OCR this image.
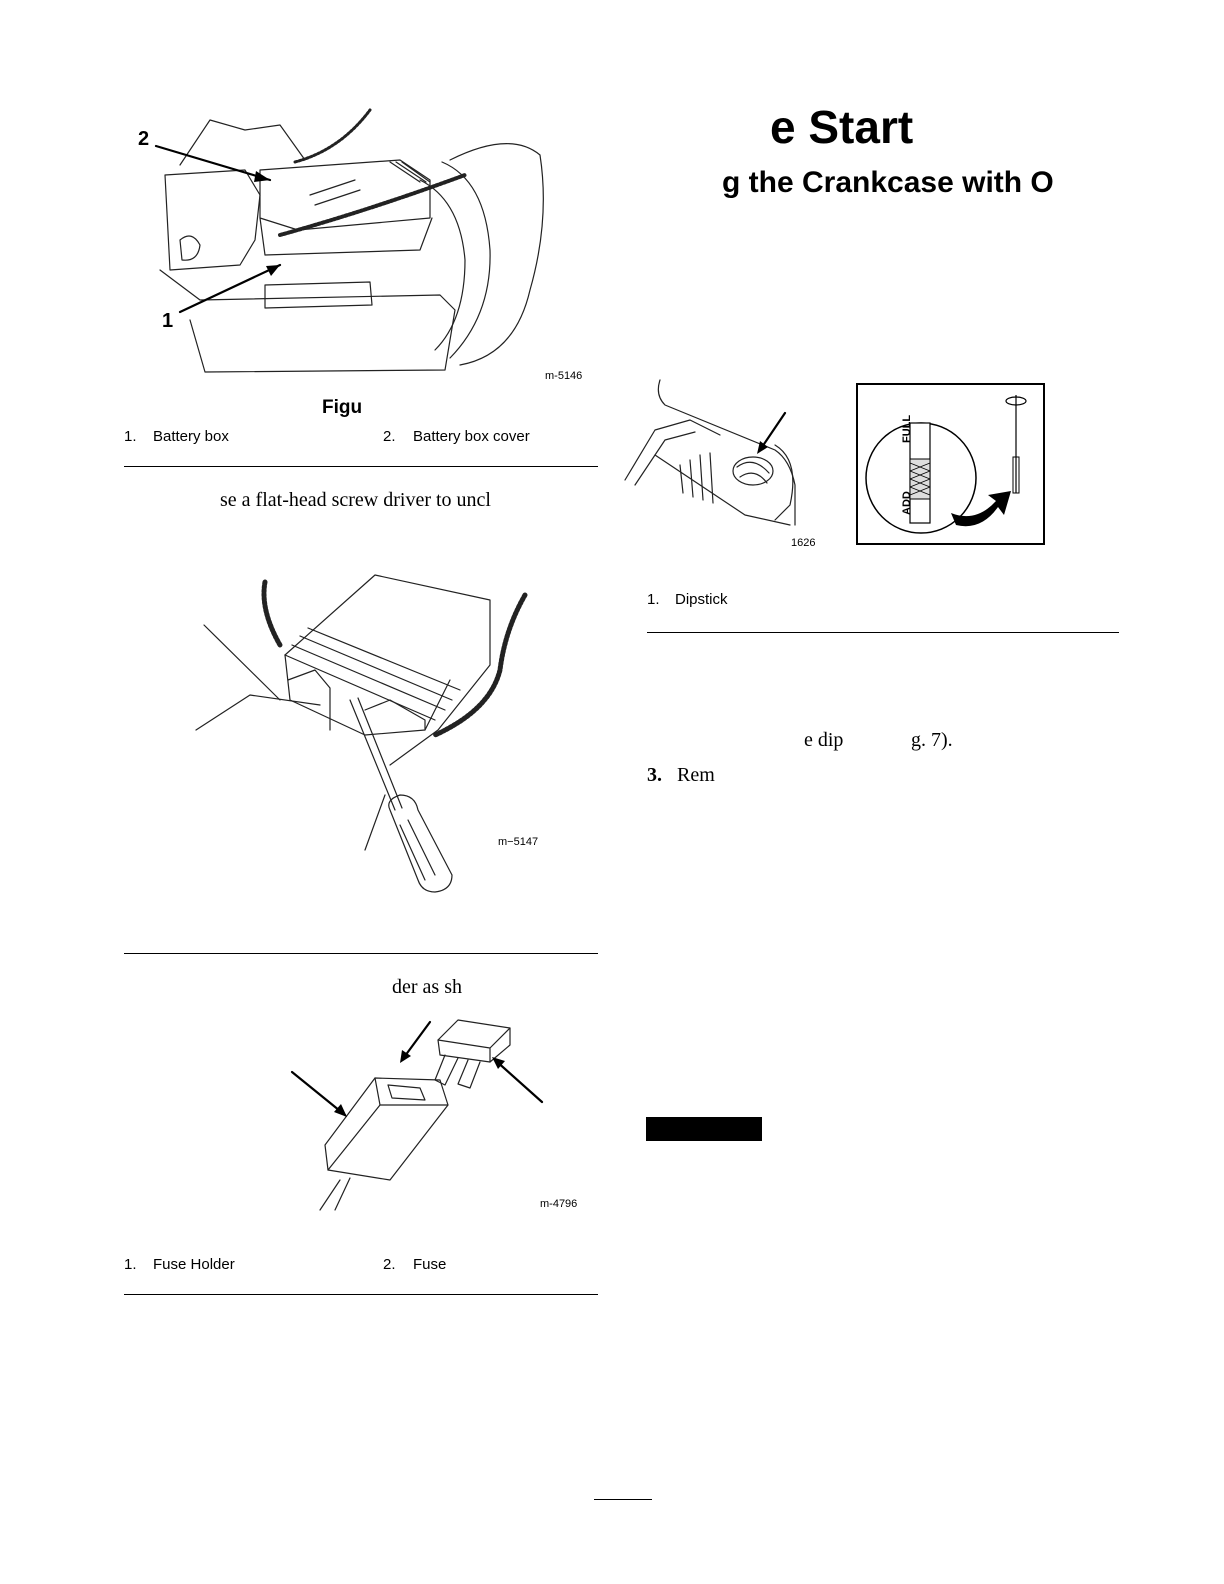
e Start
g the Crankcase with O
2
1
m-5146
Figu
1. Battery box	2. Battery box cover
se a flat-head screw driver to uncl
m−5147
der as sh
m-4796
1. Fuse Holder	2. Fuse
FULL
ADD
1626
1. Dipstick
e dip	g. 7).
3. Rem
